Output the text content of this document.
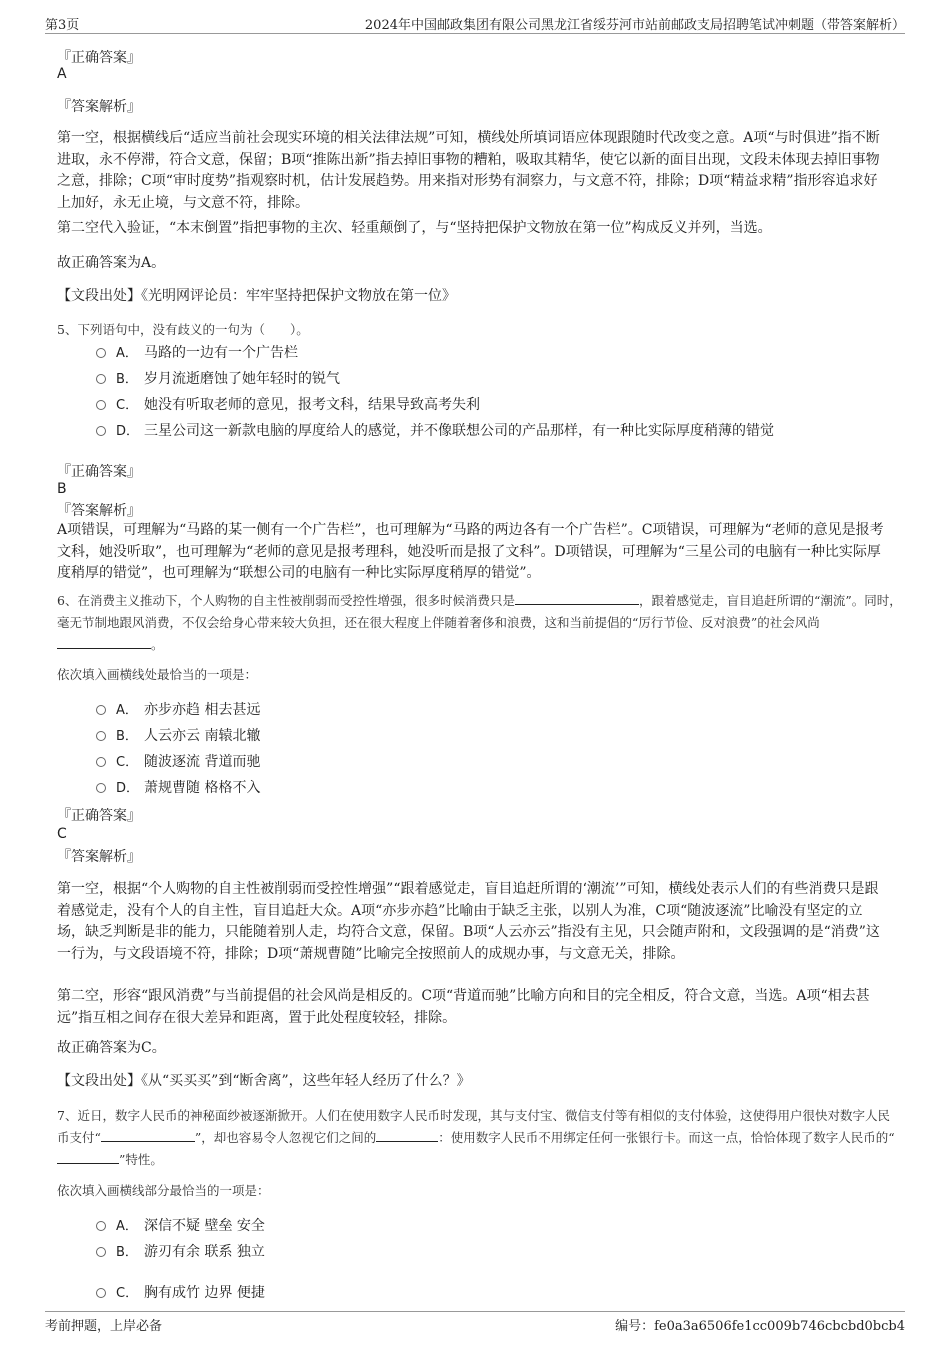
第3页	2024年中国邮政集团有限公司黑龙江省绥芬河市站前邮政支局招聘笔试冲刺题（带答案解析）
『正确答案』
A
『答案解析』
第一空，根据横线后“适应当前社会现实环境的相关法律法规”可知，横线处所填词语应体现跟随时代改变之意。A项“与时俱进”指不断进取，永不停滞，符合文意，保留；B项“推陈出新”指去掉旧事物的糟粕，吸取其精华，使它以新的面目出现，文段未体现去掉旧事物之意，排除；C项“审时度势”指观察时机，估计发展趋势。用来指对形势有洞察力，与文意不符，排除；D项“精益求精”指形容追求好上加好，永无止境，与文意不符，排除。
第二空代入验证，“本末倒置”指把事物的主次、轻重颠倒了，与“坚持把保护文物放在第一位”构成反义并列，当选。
故正确答案为A。
【文段出处】《光明网评论员：牢牢坚持把保护文物放在第一位》
5、下列语句中，没有歧义的一句为（　　）。
A． 马路的一边有一个广告栏
B． 岁月流逝磨蚀了她年轻时的锐气
C． 她没有听取老师的意见，报考文科，结果导致高考失利
D． 三星公司这一新款电脑的厚度给人的感觉，并不像联想公司的产品那样，有一种比实际厚度稍薄的错觉
『正确答案』
B
『答案解析』
A项错误，可理解为“马路的某一侧有一个广告栏”，也可理解为“马路的两边各有一个广告栏”。C项错误，可理解为“老师的意见是报考文科，她没听取”，也可理解为“老师的意见是报考理科，她没听而是报了文科”。D项错误，可理解为“三星公司的电脑有一种比实际厚度稍厚的错觉”，也可理解为“联想公司的电脑有一种比实际厚度稍厚的错觉”。
6、在消费主义推动下，个人购物的自主性被削弱而受控性增强，很多时候消费只是	，跟着感觉走，盲目追赶所谓的“潮流”。同时，毫无节制地跟风消费，不仅会给身心带来较大负担，还在很大程度上伴随着奢侈和浪费，这和当前提倡的“厉行节俭、反对浪费”的社会风尚。
依次填入画横线处最恰当的一项是：
A． 亦步亦趋 相去甚远
B． 人云亦云 南辕北辙
C． 随波逐流 背道而驰
D． 萧规曹随 格格不入
『正确答案』
C
『答案解析』
第一空，根据“个人购物的自主性被削弱而受控性增强”“跟着感觉走，盲目追赶所谓的‘潮流’”可知，横线处表示人们的有些消费只是跟着感觉走，没有个人的自主性，盲目追赶大众。A项“亦步亦趋”比喻由于缺乏主张，以别人为准，C项“随波逐流”比喻没有坚定的立场，缺乏判断是非的能力，只能随着别人走，均符合文意，保留。B项“人云亦云”指没有主见，只会随声附和，文段强调的是“消费”这一行为，与文段语境不符，排除；D项“萧规曹随”比喻完全按照前人的成规办事，与文意无关，排除。
第二空，形容“跟风消费”与当前提倡的社会风尚是相反的。C项“背道而驰”比喻方向和目的完全相反，符合文意，当选。A项“相去甚远”指互相之间存在很大差异和距离，置于此处程度较轻，排除。
故正确答案为C。
【文段出处】《从“买买买”到“断舍离”，这些年轻人经历了什么？》
7、近日，数字人民币的神秘面纱被逐渐掀开。人们在使用数字人民币时发现，其与支付宝、微信支付等有相似的支付体验，这使得用户很快对数字人民币支付“	”，却也容易令人忽视它们之间的	：使用数字人民币不用绑定任何一张银行卡。而这一点，恰恰体现了数字人民币的“”特性。
依次填入画横线部分最恰当的一项是：
A． 深信不疑 壁垒 安全
B． 游刃有余 联系 独立
C． 胸有成竹 边界 便捷
考前押题，上岸必备	编号：fe0a3a6506fe1cc009b746cbcbd0bcb4
